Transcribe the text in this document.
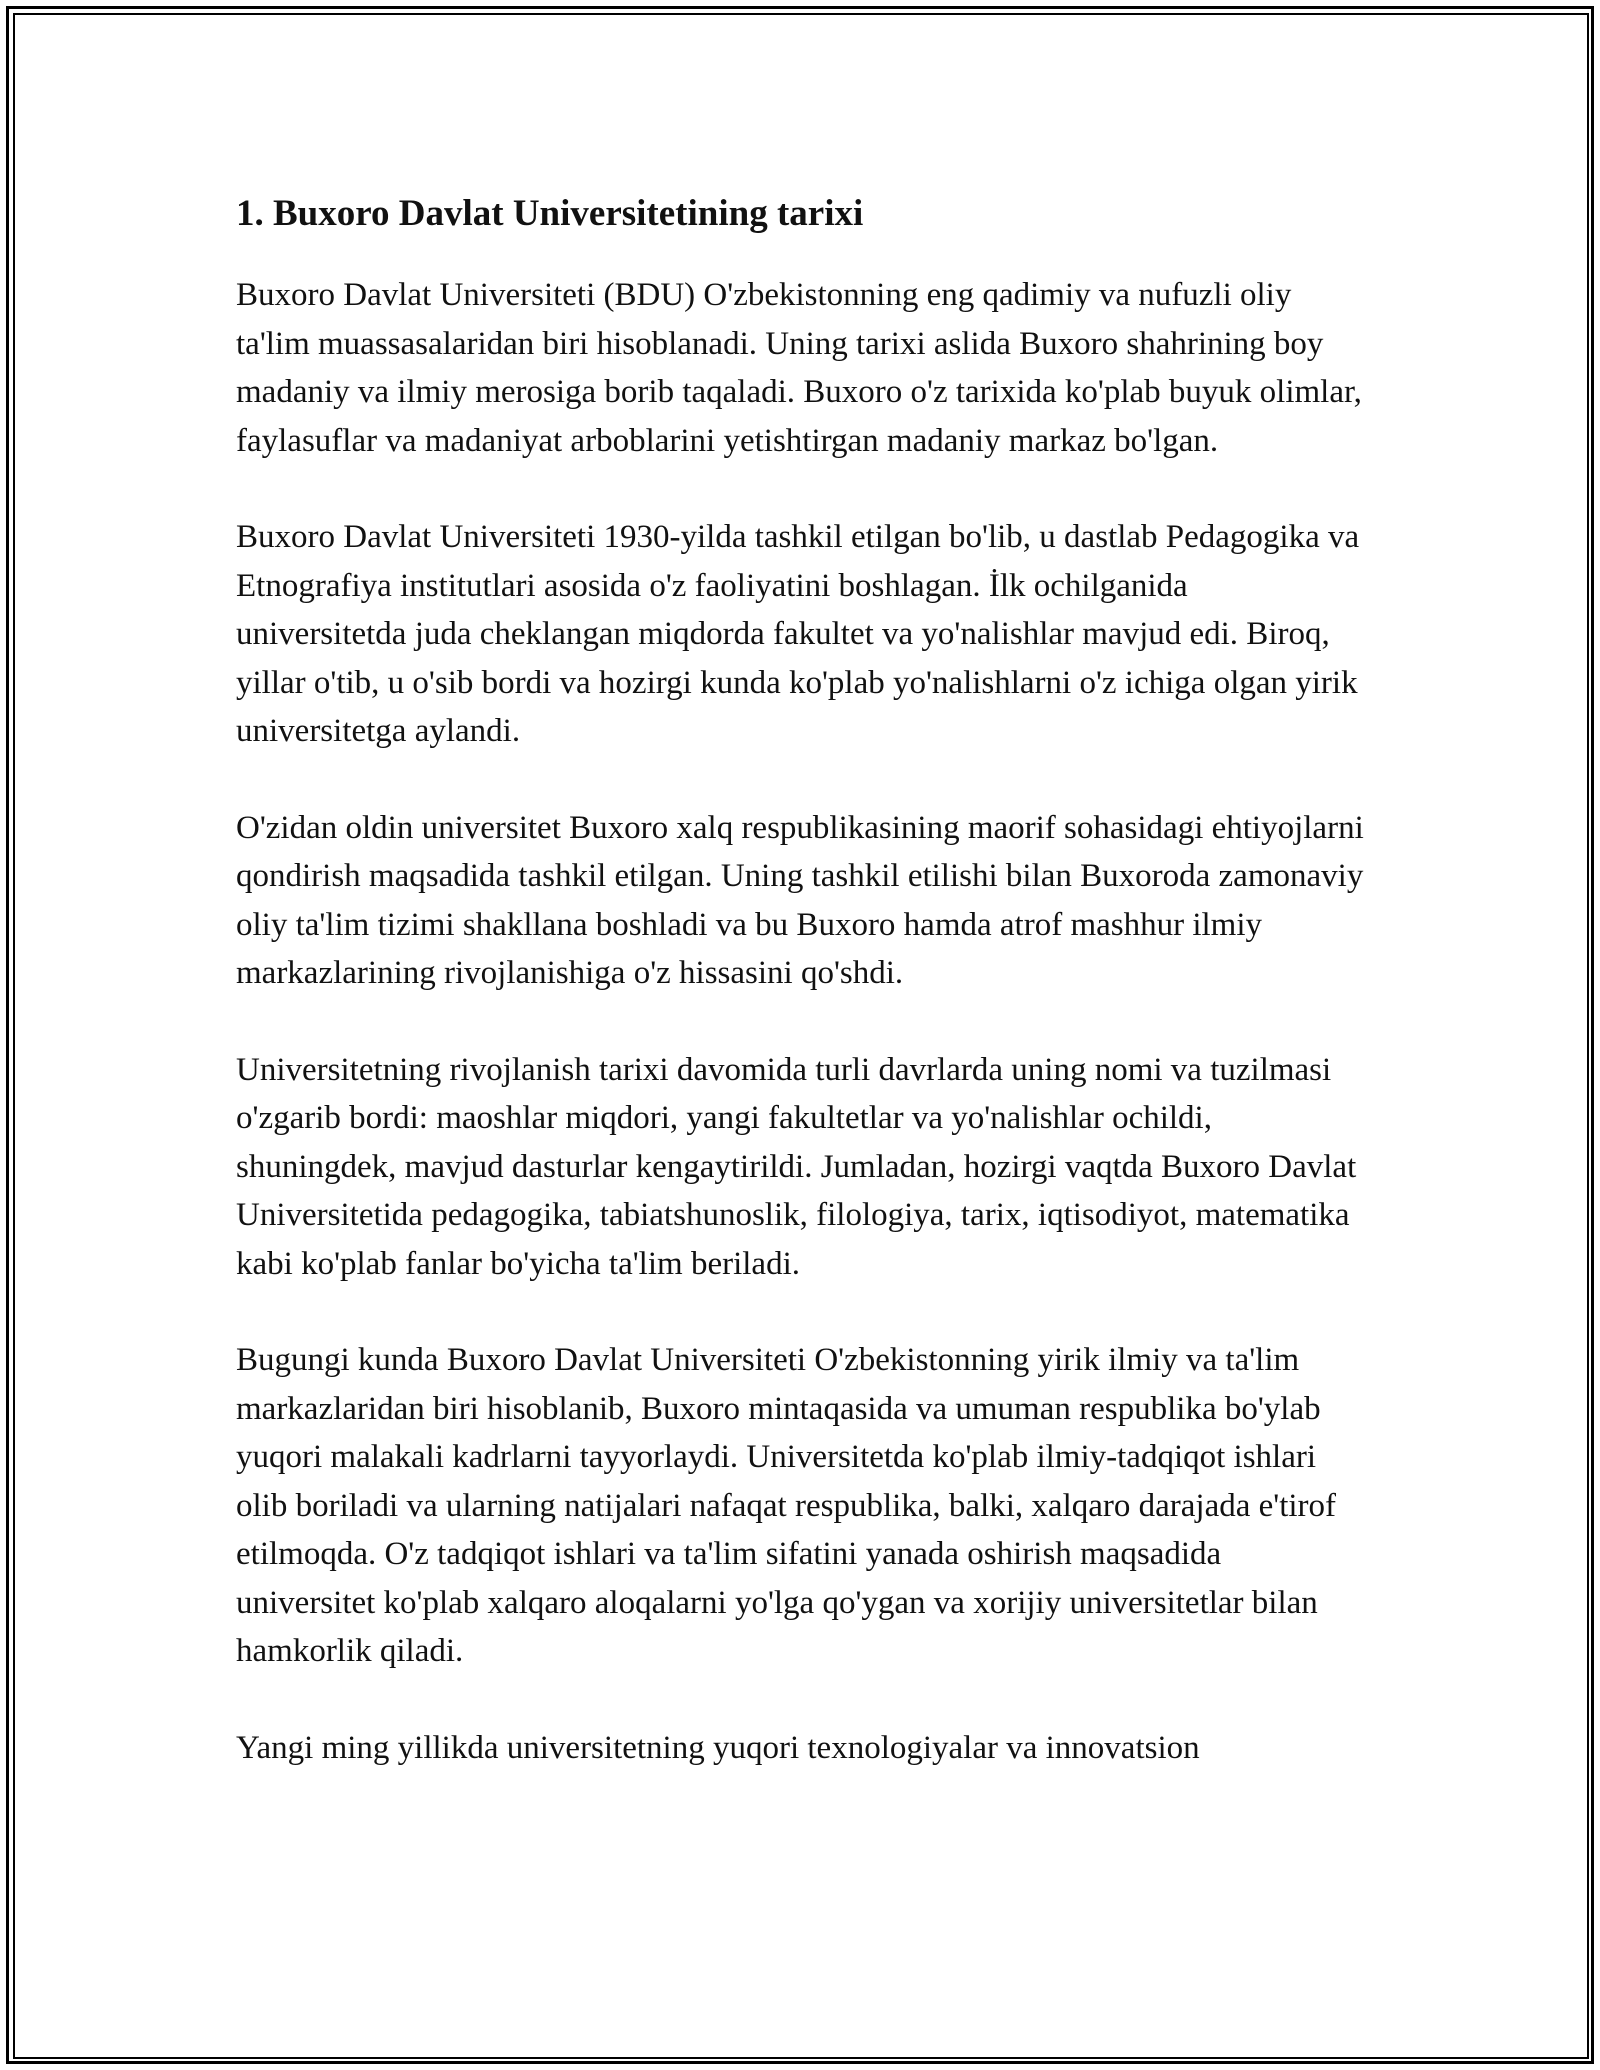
1. Buxoro Davlat Universitetining tarixi

Buxoro Davlat Universiteti (BDU) O'zbekistonning eng qadimiy va nufuzli oliy ta'lim muassasalaridan biri hisoblanadi. Uning tarixi aslida Buxoro shahrining boy madaniy va ilmiy merosiga borib taqaladi. Buxoro o'z tarixida ko'plab buyuk olimlar, faylasuflar va madaniyat arboblarini yetishtirgan madaniy markaz bo'lgan.

Buxoro Davlat Universiteti 1930-yilda tashkil etilgan bo'lib, u dastlab Pedagogika va Etnografiya institutlari asosida o'z faoliyatini boshlagan. İlk ochilganida universitetda juda cheklangan miqdorda fakultet va yo'nalishlar mavjud edi. Biroq, yillar o'tib, u o'sib bordi va hozirgi kunda ko'plab yo'nalishlarni o'z ichiga olgan yirik universitetga aylandi.

O'zidan oldin universitet Buxoro xalq respublikasining maorif sohasidagi ehtiyojlarni qondirish maqsadida tashkil etilgan. Uning tashkil etilishi bilan Buxoroda zamonaviy oliy ta'lim tizimi shakllana boshladi va bu Buxoro hamda atrof mashhur ilmiy markazlarining rivojlanishiga o'z hissasini qo'shdi.

Universitetning rivojlanish tarixi davomida turli davrlarda uning nomi va tuzilmasi o'zgarib bordi: maoshlar miqdori, yangi fakultetlar va yo'nalishlar ochildi, shuningdek, mavjud dasturlar kengaytirildi. Jumladan, hozirgi vaqtda Buxoro Davlat Universitetida pedagogika, tabiatshunoslik, filologiya, tarix, iqtisodiyot, matematika kabi ko'plab fanlar bo'yicha ta'lim beriladi.

Bugungi kunda Buxoro Davlat Universiteti O'zbekistonning yirik ilmiy va ta'lim markazlaridan biri hisoblanib, Buxoro mintaqasida va umuman respublika bo'ylab yuqori malakali kadrlarni tayyorlaydi. Universitetda ko'plab ilmiy-tadqiqot ishlari olib boriladi va ularning natijalari nafaqat respublika, balki, xalqaro darajada e'tirof etilmoqda. O'z tadqiqot ishlari va ta'lim sifatini yanada oshirish maqsadida universitet ko'plab xalqaro aloqalarni yo'lga qo'ygan va xorijiy universitetlar bilan hamkorlik qiladi.

Yangi ming yillikda universitetning yuqori texnologiyalar va innovatsion
